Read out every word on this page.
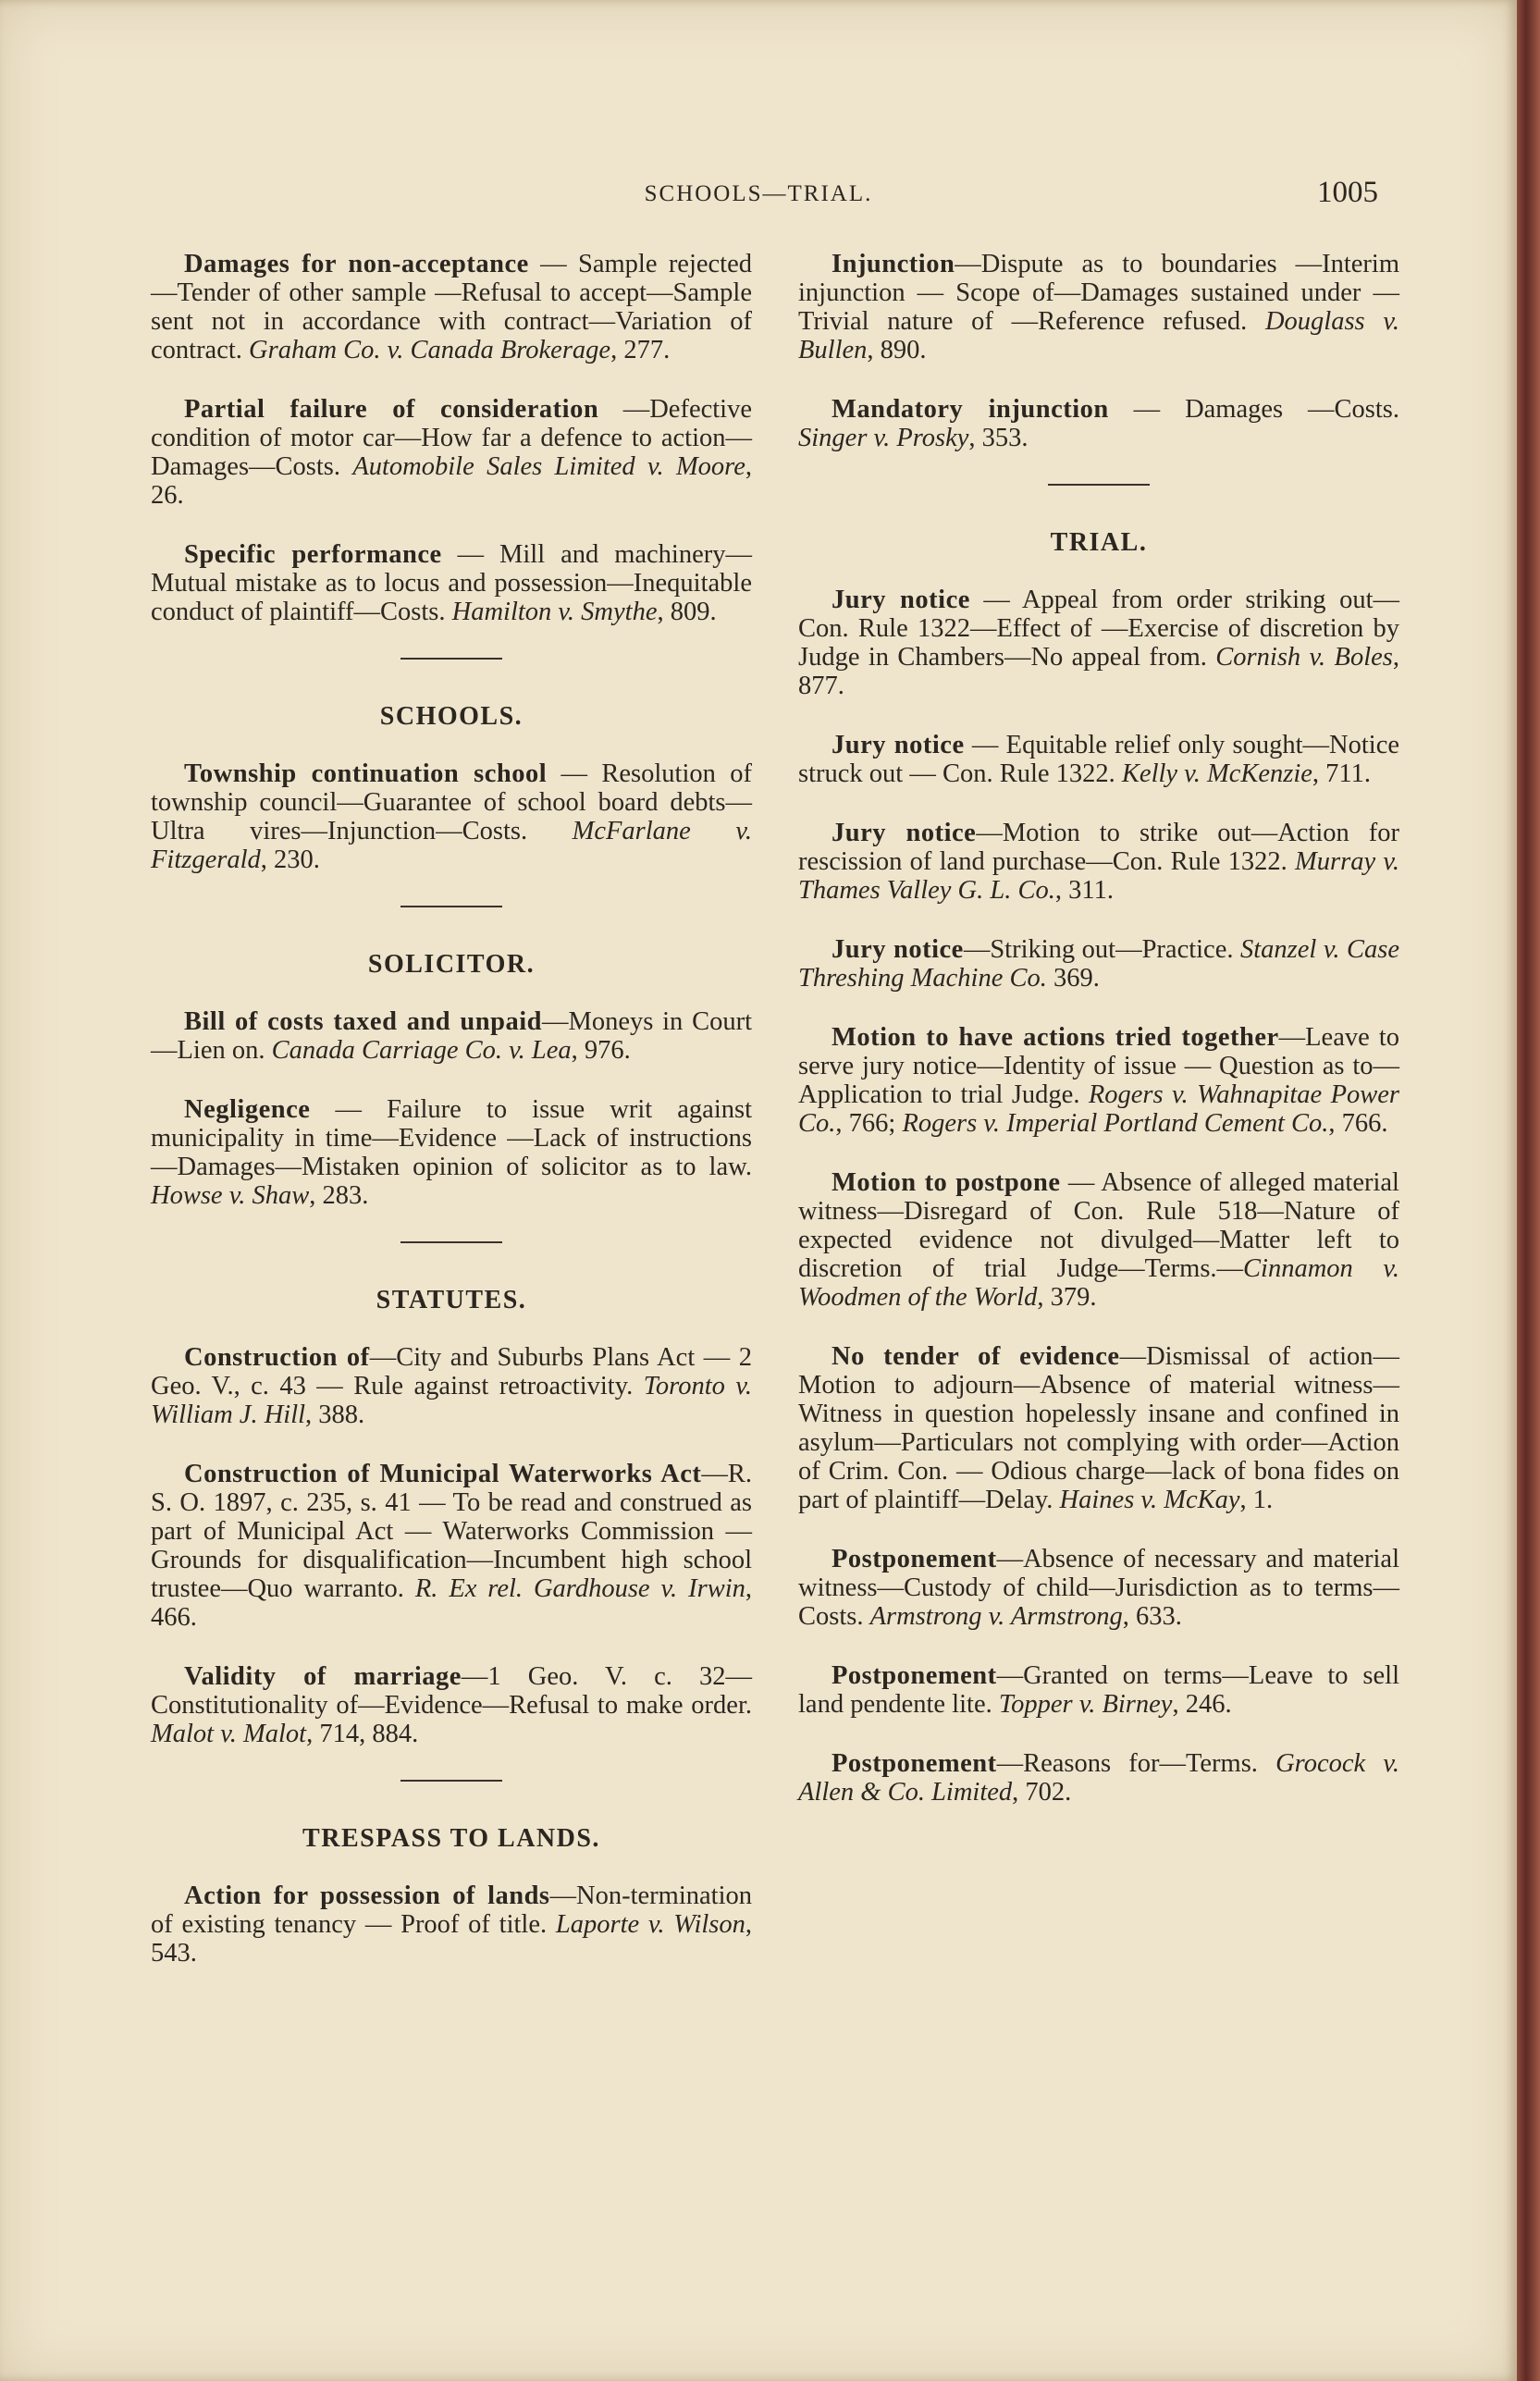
SCHOOLS—TRIAL.	1005

Damages for non-acceptance — Sample rejected—Tender of other sample —Refusal to accept—Sample sent not in accordance with contract—Variation of contract. Graham Co. v. Canada Brokerage, 277.

Partial failure of consideration —Defective condition of motor car—How far a defence to action—Damages—Costs. Automobile Sales Limited v. Moore, 26.

Specific performance — Mill and machinery—Mutual mistake as to locus and possession—Inequitable conduct of plaintiff—Costs. Hamilton v. Smythe, 809.

SCHOOLS.

Township continuation school — Resolution of township council—Guarantee of school board debts—Ultra vires—Injunction—Costs. McFarlane v. Fitzgerald, 230.

SOLICITOR.

Bill of costs taxed and unpaid—Moneys in Court—Lien on. Canada Carriage Co. v. Lea, 976.

Negligence — Failure to issue writ against municipality in time—Evidence —Lack of instructions—Damages—Mistaken opinion of solicitor as to law. Howse v. Shaw, 283.

STATUTES.

Construction of—City and Suburbs Plans Act — 2 Geo. V., c. 43 — Rule against retroactivity. Toronto v. William J. Hill, 388.

Construction of Municipal Waterworks Act—R. S. O. 1897, c. 235, s. 41 — To be read and construed as part of Municipal Act — Waterworks Commission — Grounds for disqualification—Incumbent high school trustee—Quo warranto. R. Ex rel. Gardhouse v. Irwin, 466.

Validity of marriage—1 Geo. V. c. 32—Constitutionality of—Evidence—Refusal to make order. Malot v. Malot, 714, 884.

TRESPASS TO LANDS.

Action for possession of lands—Non-termination of existing tenancy — Proof of title. Laporte v. Wilson, 543.

Injunction—Dispute as to boundaries —Interim injunction — Scope of—Damages sustained under — Trivial nature of —Reference refused. Douglass v. Bullen, 890.

Mandatory injunction — Damages —Costs. Singer v. Prosky, 353.

TRIAL.

Jury notice — Appeal from order striking out—Con. Rule 1322—Effect of —Exercise of discretion by Judge in Chambers—No appeal from. Cornish v. Boles, 877.

Jury notice — Equitable relief only sought—Notice struck out — Con. Rule 1322. Kelly v. McKenzie, 711.

Jury notice—Motion to strike out—Action for rescission of land purchase—Con. Rule 1322. Murray v. Thames Valley G. L. Co., 311.

Jury notice—Striking out—Practice. Stanzel v. Case Threshing Machine Co. 369.

Motion to have actions tried together—Leave to serve jury notice—Identity of issue — Question as to—Application to trial Judge. Rogers v. Wahnapitae Power Co., 766; Rogers v. Imperial Portland Cement Co., 766.

Motion to postpone — Absence of alleged material witness—Disregard of Con. Rule 518—Nature of expected evidence not divulged—Matter left to discretion of trial Judge—Terms.—Cinnamon v. Woodmen of the World, 379.

No tender of evidence—Dismissal of action—Motion to adjourn—Absence of material witness—Witness in question hopelessly insane and confined in asylum—Particulars not complying with order—Action of Crim. Con. — Odious charge—lack of bona fides on part of plaintiff—Delay. Haines v. McKay, 1.

Postponement—Absence of necessary and material witness—Custody of child—Jurisdiction as to terms—Costs. Armstrong v. Armstrong, 633.

Postponement—Granted on terms—Leave to sell land pendente lite. Topper v. Birney, 246.

Postponement—Reasons for—Terms. Grocock v. Allen & Co. Limited, 702.
